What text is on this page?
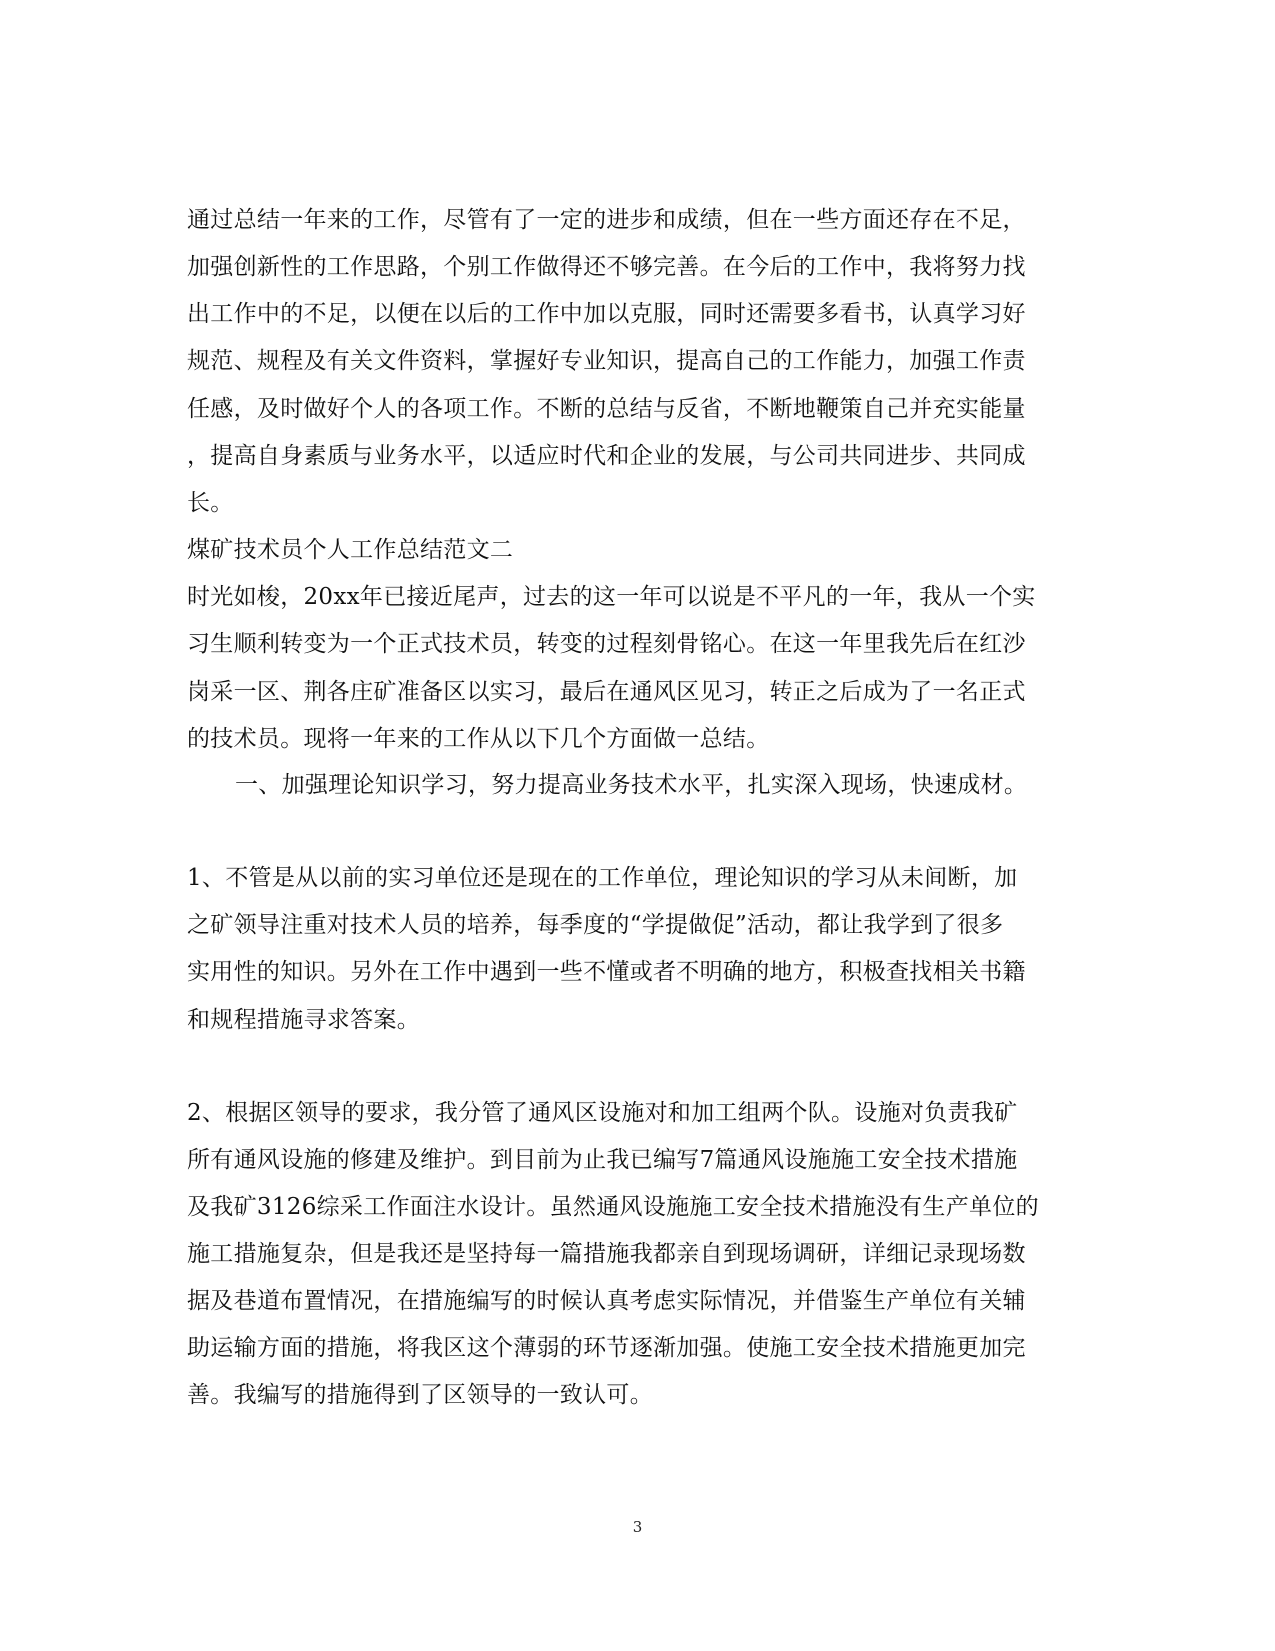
通过总结一年来的工作，尽管有了一定的进步和成绩，但在一些方面还存在不足，
加强创新性的工作思路，个别工作做得还不够完善。在今后的工作中，我将努力找
出工作中的不足，以便在以后的工作中加以克服，同时还需要多看书，认真学习好
规范、规程及有关文件资料，掌握好专业知识，提高自己的工作能力，加强工作责
任感，及时做好个人的各项工作。不断的总结与反省，不断地鞭策自己并充实能量
，提高自身素质与业务水平，以适应时代和企业的发展，与公司共同进步、共同成
长。
煤矿技术员个人工作总结范文二
时光如梭，20xx年已接近尾声，过去的这一年可以说是不平凡的一年，我从一个实
习生顺利转变为一个正式技术员，转变的过程刻骨铭心。在这一年里我先后在红沙
岗采一区、荆各庄矿准备区以实习，最后在通风区见习，转正之后成为了一名正式
的技术员。现将一年来的工作从以下几个方面做一总结。
一、加强理论知识学习，努力提高业务技术水平，扎实深入现场，快速成材。
1、不管是从以前的实习单位还是现在的工作单位，理论知识的学习从未间断，加
之矿领导注重对技术人员的培养，每季度的“学提做促”活动，都让我学到了很多
实用性的知识。另外在工作中遇到一些不懂或者不明确的地方，积极查找相关书籍
和规程措施寻求答案。
2、根据区领导的要求，我分管了通风区设施对和加工组两个队。设施对负责我矿
所有通风设施的修建及维护。到目前为止我已编写7篇通风设施施工安全技术措施
及我矿3126综采工作面注水设计。虽然通风设施施工安全技术措施没有生产单位的
施工措施复杂，但是我还是坚持每一篇措施我都亲自到现场调研，详细记录现场数
据及巷道布置情况，在措施编写的时候认真考虑实际情况，并借鉴生产单位有关辅
助运输方面的措施，将我区这个薄弱的环节逐渐加强。使施工安全技术措施更加完
善。我编写的措施得到了区领导的一致认可。
3
